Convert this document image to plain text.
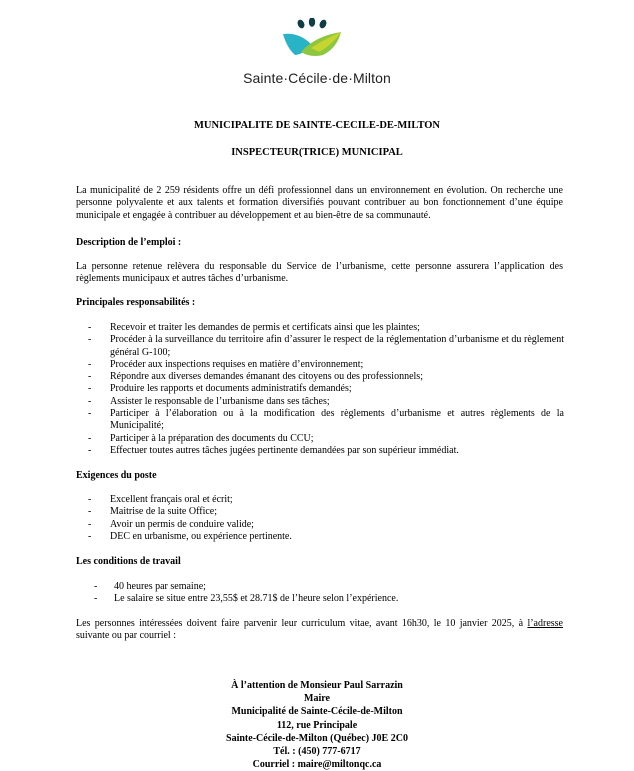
Sainte·Cécile·de·Milton
MUNICIPALITE DE SAINTE-CECILE-DE-MILTON
INSPECTEUR(TRICE) MUNICIPAL
La municipalité de 2 259 résidents offre un défi professionnel dans un environnement en évolution. On recherche une personne polyvalente et aux talents et formation diversifiés pouvant contribuer au bon fonctionnement d’une équipe municipale et engagée à contribuer au développement et au bien-être de sa communauté.
Description de l’emploi :
La personne retenue relèvera du responsable du Service de l’urbanisme, cette personne assurera l’application des règlements municipaux et autres tâches d’urbanisme.
Principales responsabilités :
- Recevoir et traiter les demandes de permis et certificats ainsi que les plaintes;
- Procéder à la surveillance du territoire afin d’assurer le respect de la réglementation d’urbanisme et du règlement général G-100;
- Procéder aux inspections requises en matière d’environnement;
- Répondre aux diverses demandes émanant des citoyens ou des professionnels;
- Produire les rapports et documents administratifs demandés;
- Assister le responsable de l’urbanisme dans ses tâches;
- Participer à l’élaboration ou à la modification des règlements d’urbanisme et autres règlements de la Municipalité;
- Participer à la préparation des documents du CCU;
- Effectuer toutes autres tâches jugées pertinente demandées par son supérieur immédiat.
Exigences du poste
- Excellent français oral et écrit;
- Maitrise de la suite Office;
- Avoir un permis de conduire valide;
- DEC en urbanisme, ou expérience pertinente.
Les conditions de travail
- 40 heures par semaine;
- Le salaire se situe entre 23,55$ et 28.71$ de l’heure selon l’expérience.
Les personnes intéressées doivent faire parvenir leur curriculum vitae, avant 16h30, le 10 janvier 2025, à l’adresse suivante ou par courriel :
À l’attention de Monsieur Paul Sarrazin
Maire
Municipalité de Sainte-Cécile-de-Milton
112, rue Principale
Sainte-Cécile-de-Milton (Québec) J0E 2C0
Tél. : (450) 777-6717
Courriel : maire@miltonqc.ca
